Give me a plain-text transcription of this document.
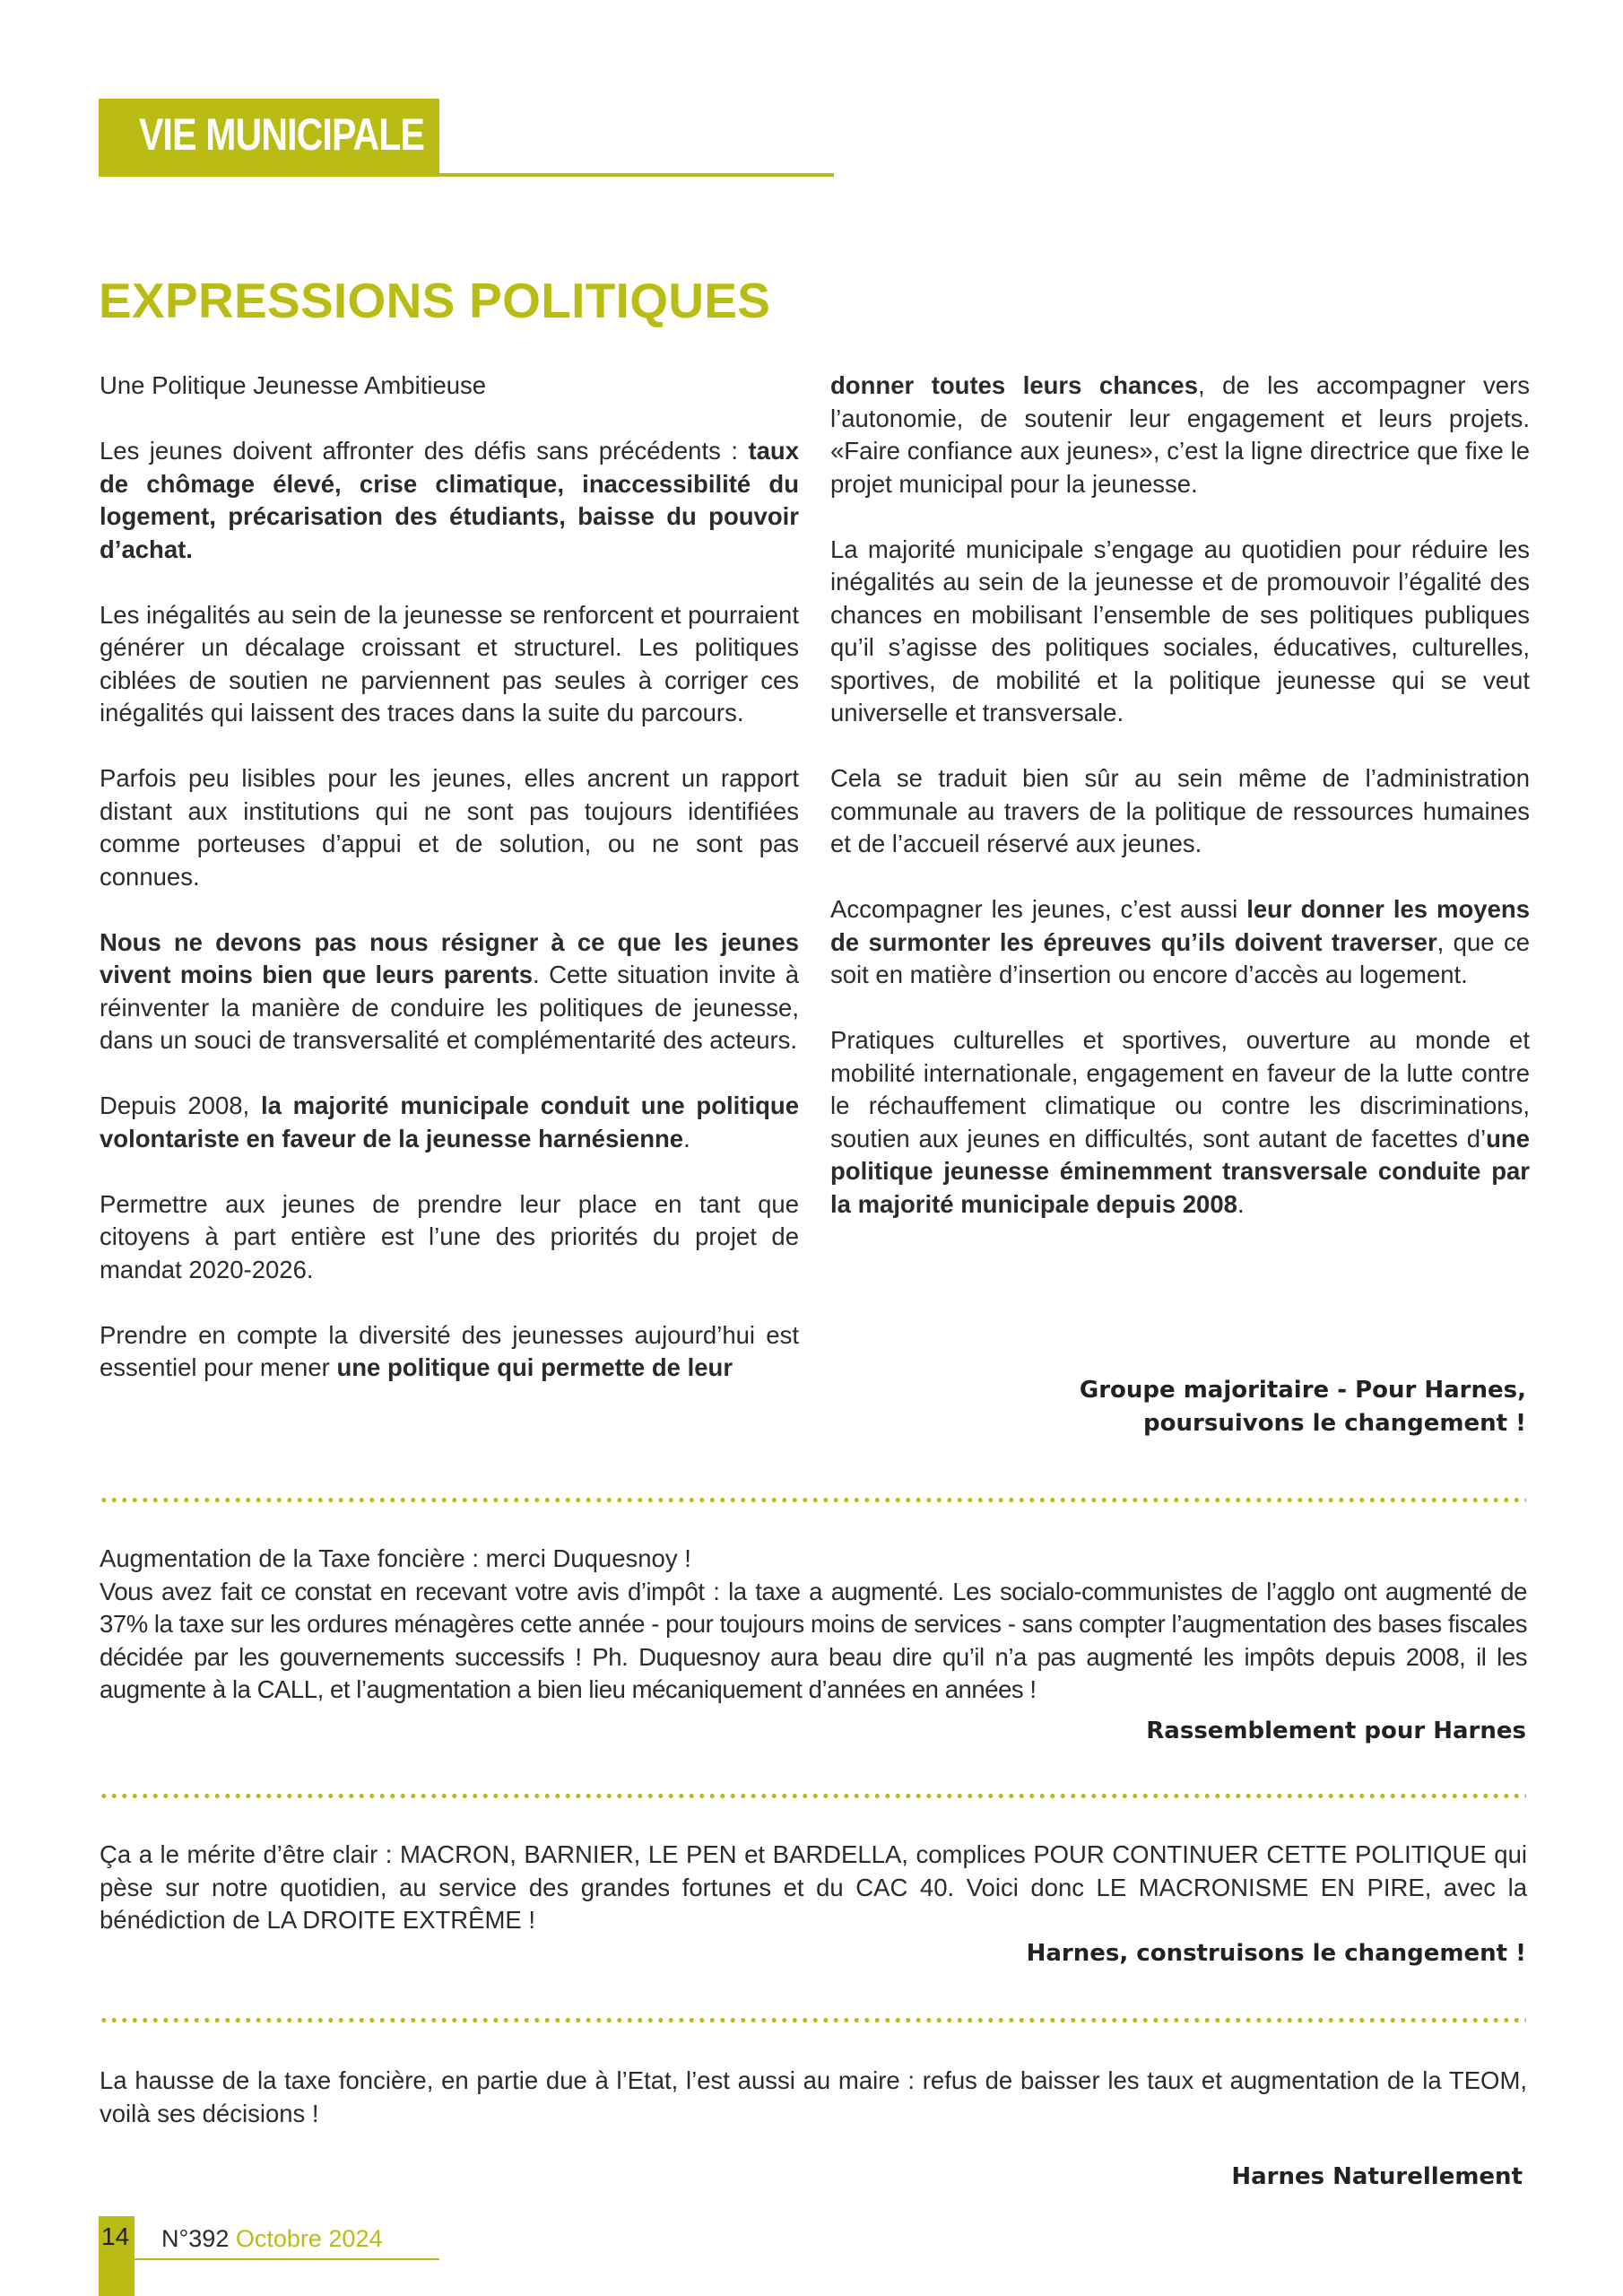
VIE MUNICIPALE
EXPRESSIONS POLITIQUES

Une Politique Jeunesse Ambitieuse

Les jeunes doivent affronter des défis sans précédents : taux de chômage élevé, crise climatique, inaccessibilité du logement, précarisation des étudiants, baisse du pouvoir d’achat.

Les inégalités au sein de la jeunesse se renforcent et pourraient générer un décalage croissant et structurel. Les politiques ciblées de soutien ne parviennent pas seules à corriger ces inégalités qui laissent des traces dans la suite du parcours.

Parfois peu lisibles pour les jeunes, elles ancrent un rapport distant aux institutions qui ne sont pas toujours identifiées comme porteuses d’appui et de solution, ou ne sont pas connues.

Nous ne devons pas nous résigner à ce que les jeunes vivent moins bien que leurs parents. Cette situation invite à réinventer la manière de conduire les politiques de jeunesse, dans un souci de transversalité et complémentarité des acteurs.

Depuis 2008, la majorité municipale conduit une politique volontariste en faveur de la jeunesse harnésienne.

Permettre aux jeunes de prendre leur place en tant que citoyens à part entière est l’une des priorités du projet de mandat 2020-2026.

Prendre en compte la diversité des jeunesses aujourd’hui est essentiel pour mener une politique qui permette de leur

donner toutes leurs chances, de les accompagner vers l’autonomie, de soutenir leur engagement et leurs projets. «Faire confiance aux jeunes», c’est la ligne directrice que fixe le projet municipal pour la jeunesse.

La majorité municipale s’engage au quotidien pour réduire les inégalités au sein de la jeunesse et de promouvoir l’égalité des chances en mobilisant l’ensemble de ses politiques publiques qu’il s’agisse des politiques sociales, éducatives, culturelles, sportives, de mobilité et la politique jeunesse qui se veut universelle et transversale.

Cela se traduit bien sûr au sein même de l’administration communale au travers de la politique de ressources humaines et de l’accueil réservé aux jeunes.

Accompagner les jeunes, c’est aussi leur donner les moyens de surmonter les épreuves qu’ils doivent traverser, que ce soit en matière d’insertion ou encore d’accès au logement.

Pratiques culturelles et sportives, ouverture au monde et mobilité internationale, engagement en faveur de la lutte contre le réchauffement climatique ou contre les discriminations, soutien aux jeunes en difficultés, sont autant de facettes d’une politique jeunesse éminemment transversale conduite par la majorité municipale depuis 2008.

Groupe majoritaire - Pour Harnes,
poursuivons le changement !

Augmentation de la Taxe foncière : merci Duquesnoy !

Vous avez fait ce constat en recevant votre avis d’impôt : la taxe a augmenté. Les socialo-communistes de l’agglo ont augmenté de 37% la taxe sur les ordures ménagères cette année - pour toujours moins de services - sans compter l’augmentation des bases fiscales décidée par les gouvernements successifs ! Ph. Duquesnoy aura beau dire qu’il n’a pas augmenté les impôts depuis 2008, il les augmente à la CALL, et l’augmentation a bien lieu mécaniquement d’années en années !

Rassemblement pour Harnes

Ça a le mérite d’être clair : MACRON, BARNIER, LE PEN et BARDELLA, complices POUR CONTINUER CETTE POLITIQUE qui pèse sur notre quotidien, au service des grandes fortunes et du CAC 40. Voici donc LE MACRONISME EN PIRE, avec la bénédiction de LA DROITE EXTRÊME !

Harnes, construisons le changement !

La hausse de la taxe foncière, en partie due à l’Etat, l’est aussi au maire : refus de baisser les taux et augmentation de la TEOM, voilà ses décisions !

Harnes Naturellement
14 N°392 Octobre 2024
